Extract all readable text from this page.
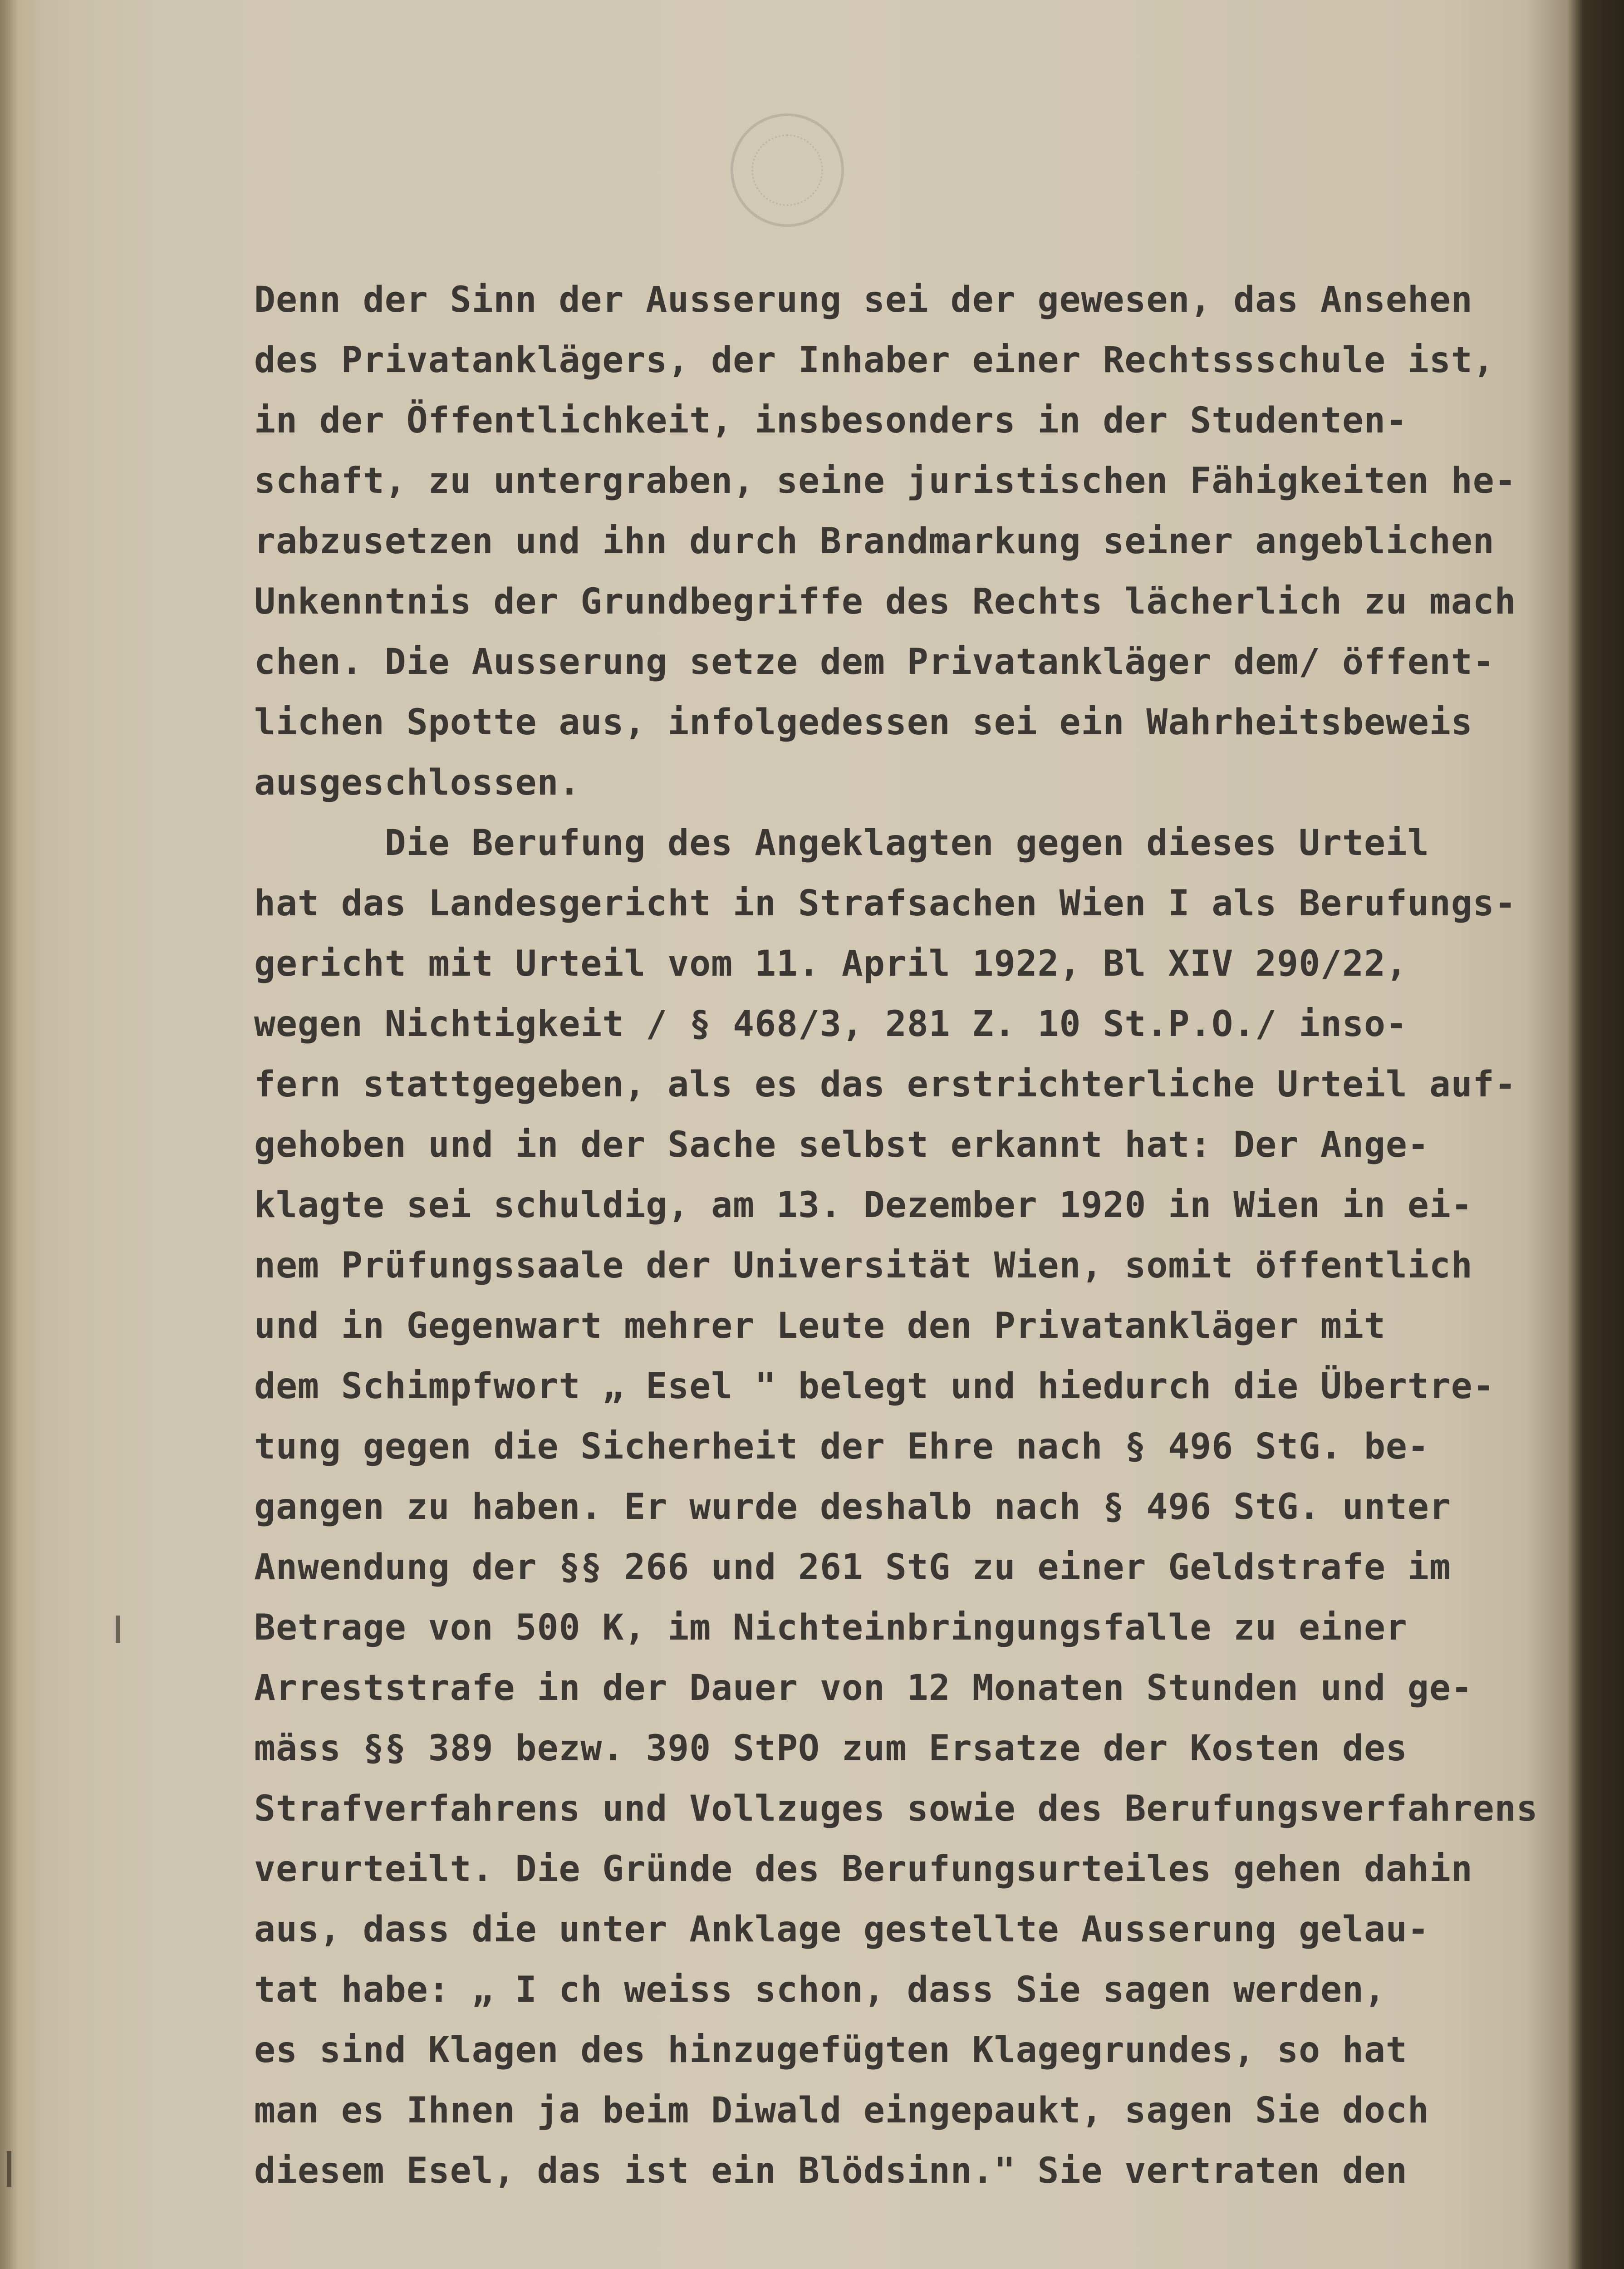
Denn der Sinn der Ausserung sei der gewesen, das Ansehen
des Privatanklägers, der Inhaber einer Rechtssschule ist,
in der Öffentlichkeit, insbesonders in der Studenten-
schaft, zu untergraben, seine juristischen Fähigkeiten he-
rabzusetzen und ihn durch Brandmarkung seiner angeblichen
Unkenntnis der Grundbegriffe des Rechts lächerlich zu mach
chen. Die Ausserung setze dem Privatankläger dem/ öffent-
lichen Spotte aus, infolgedessen sei ein Wahrheitsbeweis
ausgeschlossen.
Die Berufung des Angeklagten gegen dieses Urteil
hat das Landesgericht in Strafsachen Wien I als Berufungs-
gericht mit Urteil vom 11. April 1922, Bl XIV 290/22,
wegen Nichtigkeit / § 468/3, 281 Z. 10 St.P.O./ inso-
fern stattgegeben, als es das erstrichterliche Urteil auf-
gehoben und in der Sache selbst erkannt hat: Der Ange-
klagte sei schuldig, am 13. Dezember 1920 in Wien in ei-
nem Prüfungssaale der Universität Wien, somit öffentlich
und in Gegenwart mehrer Leute den Privatankläger mit
dem Schimpfwort „ Esel " belegt und hiedurch die Übertre-
tung gegen die Sicherheit der Ehre nach § 496 StG. be-
gangen zu haben. Er wurde deshalb nach § 496 StG. unter
Anwendung der §§ 266 und 261 StG zu einer Geldstrafe im
Betrage von 500 K, im Nichteinbringungsfalle zu einer
Arreststrafe in der Dauer von 12 Monaten Stunden und ge-
mäss §§ 389 bezw. 390 StPO zum Ersatze der Kosten des
Strafverfahrens und Vollzuges sowie des Berufungsverfahrens
verurteilt. Die Gründe des Berufungsurteiles gehen dahin
aus, dass die unter Anklage gestellte Ausserung gelau-
tat habe: „ I ch weiss schon, dass Sie sagen werden,
es sind Klagen des hinzugefügten Klagegrundes, so hat
man es Ihnen ja beim Diwald eingepaukt, sagen Sie doch
diesem Esel, das ist ein Blödsinn." Sie vertraten den
